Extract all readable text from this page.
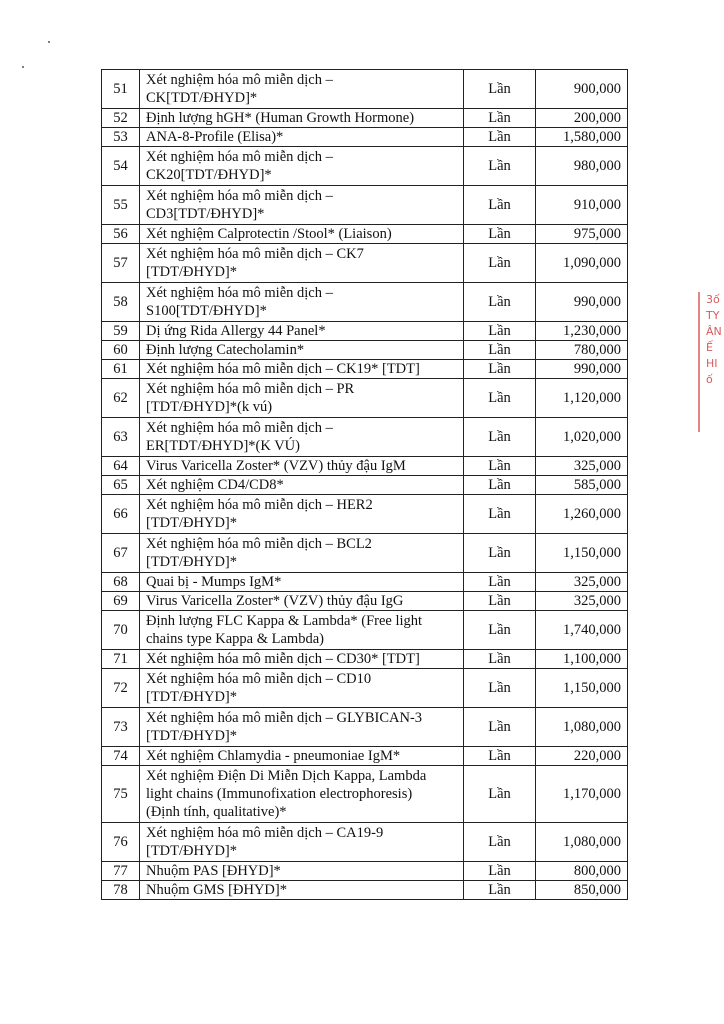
51	Xét nghiệm hóa mô miễn dịch –
CK[TDT/ĐHYD]*	Lần	900,000
52	Định lượng hGH* (Human Growth Hormone)	Lần	200,000
53	ANA-8-Profile (Elisa)*	Lần	1,580,000
54	Xét nghiệm hóa mô miễn dịch –
CK20[TDT/ĐHYD]*	Lần	980,000
55	Xét nghiệm hóa mô miễn dịch –
CD3[TDT/ĐHYD]*	Lần	910,000
56	Xét nghiệm Calprotectin /Stool* (Liaison)	Lần	975,000
57	Xét nghiệm hóa mô miễn dịch – CK7
[TDT/ĐHYD]*	Lần	1,090,000
58	Xét nghiệm hóa mô miễn dịch –
S100[TDT/ĐHYD]*	Lần	990,000
59	Dị ứng Rida Allergy 44 Panel*	Lần	1,230,000
60	Định lượng Catecholamin*	Lần	780,000
61	Xét nghiệm hóa mô miễn dịch – CK19* [TDT]	Lần	990,000
62	Xét nghiệm hóa mô miễn dịch – PR
[TDT/ĐHYD]*(k vú)	Lần	1,120,000
63	Xét nghiệm hóa mô miễn dịch –
ER[TDT/ĐHYD]*(K VÚ)	Lần	1,020,000
64	Virus Varicella Zoster* (VZV) thủy đậu IgM	Lần	325,000
65	Xét nghiệm CD4/CD8*	Lần	585,000
66	Xét nghiệm hóa mô miễn dịch – HER2
[TDT/ĐHYD]*	Lần	1,260,000
67	Xét nghiệm hóa mô miễn dịch – BCL2
[TDT/ĐHYD]*	Lần	1,150,000
68	Quai bị - Mumps IgM*	Lần	325,000
69	Virus Varicella Zoster* (VZV) thủy đậu IgG	Lần	325,000
70	Định lượng FLC Kappa & Lambda* (Free light
chains type Kappa & Lambda)	Lần	1,740,000
71	Xét nghiệm hóa mô miễn dịch – CD30* [TDT]	Lần	1,100,000
72	Xét nghiệm hóa mô miễn dịch – CD10
[TDT/ĐHYD]*	Lần	1,150,000
73	Xét nghiệm hóa mô miễn dịch – GLYBICAN-3
[TDT/ĐHYD]*	Lần	1,080,000
74	Xét nghiệm Chlamydia - pneumoniae IgM*	Lần	220,000
75	Xét nghiệm Điện Di Miễn Dịch Kappa, Lambda
light chains (Immunofixation electrophoresis)
(Định tính, qualitative)*	Lần	1,170,000
76	Xét nghiệm hóa mô miễn dịch – CA19-9
[TDT/ĐHYD]*	Lần	1,080,000
77	Nhuộm PAS [ĐHYD]*	Lần	800,000
78	Nhuộm GMS [ĐHYD]*	Lần	850,000
3ố
TY
ÂN
Ế
HI
ố
